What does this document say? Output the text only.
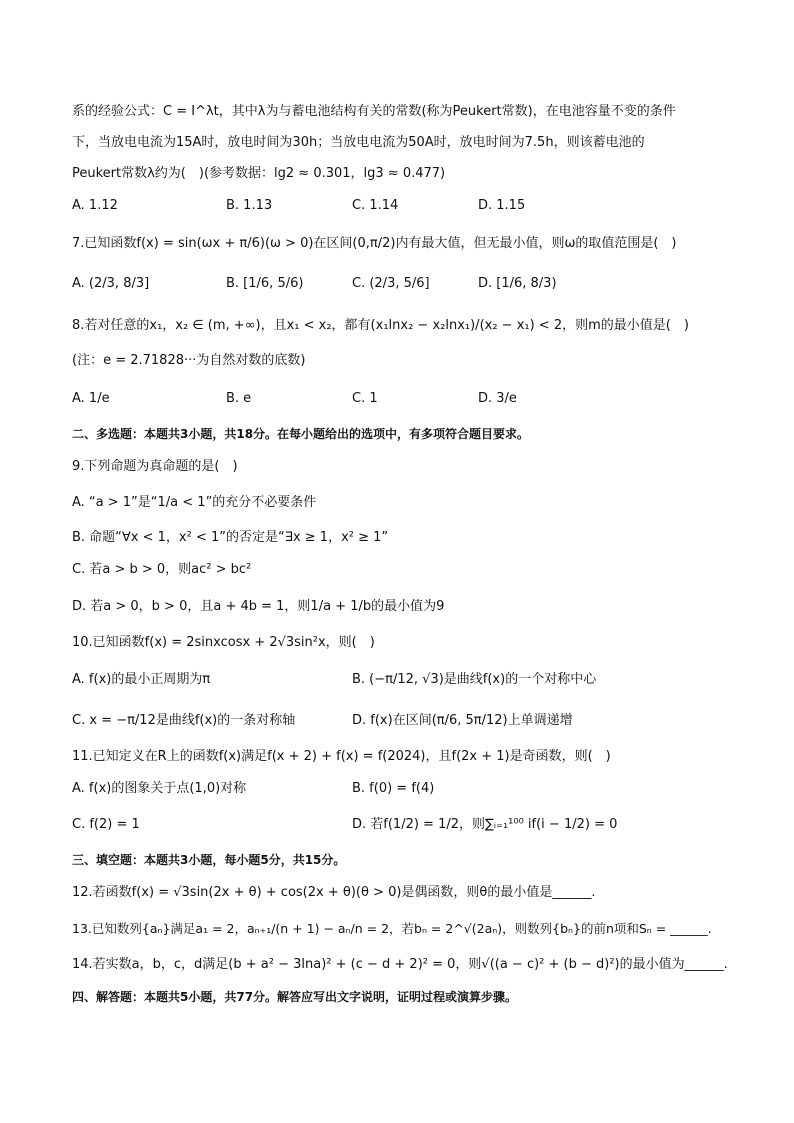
系的经验公式：C = I^λt，其中λ为与蓄电池结构有关的常数(称为Peukert常数)，在电池容量不变的条件
下，当放电电流为15A时，放电时间为30h；当放电电流为50A时，放电时间为7.5h，则该蓄电池的
Peukert常数λ约为(　)(参考数据：lg2 ≈ 0.301，lg3 ≈ 0.477)
A. 1.12	B. 1.13	C. 1.14	D. 1.15
7.已知函数f(x) = sin(ωx + π/6)(ω > 0)在区间(0,π/2)内有最大值，但无最小值，则ω的取值范围是(　)
A. (2/3, 8/3]	B. [1/6, 5/6)	C. (2/3, 5/6]	D. [1/6, 8/3)
8.若对任意的x₁，x₂ ∈ (m, +∞)，且x₁ < x₂，都有(x₁lnx₂ − x₂lnx₁)/(x₂ − x₁) < 2，则m的最小值是(　)
(注：e = 2.71828···为自然对数的底数)
A. 1/e	B. e	C. 1	D. 3/e
二、多选题：本题共3小题，共18分。在每小题给出的选项中，有多项符合题目要求。
9.下列命题为真命题的是(　)
A. “a > 1”是“1/a < 1”的充分不必要条件
B. 命题“∀x < 1，x² < 1”的否定是“∃x ≥ 1，x² ≥ 1”
C. 若a > b > 0，则ac² > bc²
D. 若a > 0，b > 0，且a + 4b = 1，则1/a + 1/b的最小值为9
10.已知函数f(x) = 2sinxcosx + 2√3sin²x，则(　)
A. f(x)的最小正周期为π	B. (−π/12, √3)是曲线f(x)的一个对称中心
C. x = −π/12是曲线f(x)的一条对称轴	D. f(x)在区间(π/6, 5π/12)上单调递增
11.已知定义在R上的函数f(x)满足f(x + 2) + f(x) = f(2024)，且f(2x + 1)是奇函数，则(　)
A. f(x)的图象关于点(1,0)对称	B. f(0) = f(4)
C. f(2) = 1	D. 若f(1/2) = 1/2，则∑ᵢ₌₁¹⁰⁰ if(i − 1/2) = 0
三、填空题：本题共3小题，每小题5分，共15分。
12.若函数f(x) = √3sin(2x + θ) + cos(2x + θ)(θ > 0)是偶函数，则θ的最小值是______.
13.已知数列{aₙ}满足a₁ = 2，aₙ₊₁/(n + 1) − aₙ/n = 2，若bₙ = 2^√(2aₙ)，则数列{bₙ}的前n项和Sₙ = ______.
14.若实数a，b，c，d满足(b + a² − 3lna)² + (c − d + 2)² = 0，则√((a − c)² + (b − d)²)的最小值为______.
四、解答题：本题共5小题，共77分。解答应写出文字说明，证明过程或演算步骤。
